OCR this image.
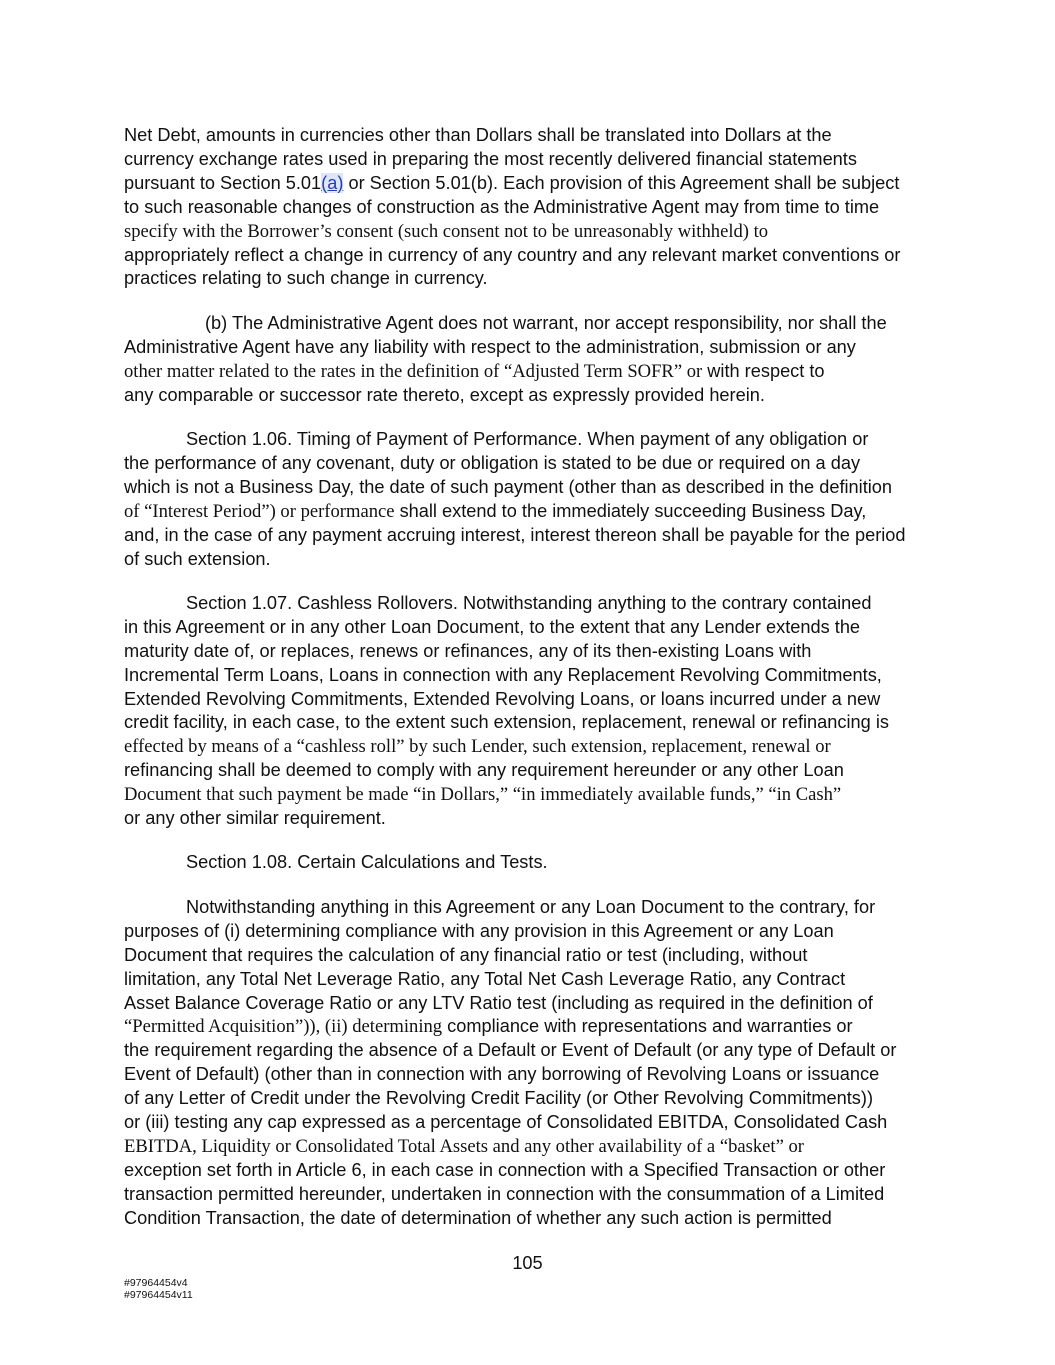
Net Debt, amounts in currencies other than Dollars shall be translated into Dollars at the
currency exchange rates used in preparing the most recently delivered financial statements
pursuant to Section 5.01(a) or Section 5.01(b). Each provision of this Agreement shall be subject
to such reasonable changes of construction as the Administrative Agent may from time to time
specify with the Borrower’s consent (such consent not to be unreasonably withheld) to
appropriately reflect a change in currency of any country and any relevant market conventions or
practices relating to such change in currency.
(b) The Administrative Agent does not warrant, nor accept responsibility, nor shall the
Administrative Agent have any liability with respect to the administration, submission or any
other matter related to the rates in the definition of “Adjusted Term SOFR” or with respect to
any comparable or successor rate thereto, except as expressly provided herein.
Section 1.06. Timing of Payment of Performance. When payment of any obligation or
the performance of any covenant, duty or obligation is stated to be due or required on a day
which is not a Business Day, the date of such payment (other than as described in the definition
of “Interest Period”) or performance shall extend to the immediately succeeding Business Day,
and, in the case of any payment accruing interest, interest thereon shall be payable for the period
of such extension.
Section 1.07. Cashless Rollovers. Notwithstanding anything to the contrary contained
in this Agreement or in any other Loan Document, to the extent that any Lender extends the
maturity date of, or replaces, renews or refinances, any of its then-existing Loans with
Incremental Term Loans, Loans in connection with any Replacement Revolving Commitments,
Extended Revolving Commitments, Extended Revolving Loans, or loans incurred under a new
credit facility, in each case, to the extent such extension, replacement, renewal or refinancing is
effected by means of a “cashless roll” by such Lender, such extension, replacement, renewal or
refinancing shall be deemed to comply with any requirement hereunder or any other Loan
Document that such payment be made “in Dollars,” “in immediately available funds,” “in Cash”
or any other similar requirement.
Section 1.08. Certain Calculations and Tests.
Notwithstanding anything in this Agreement or any Loan Document to the contrary, for
purposes of (i) determining compliance with any provision in this Agreement or any Loan
Document that requires the calculation of any financial ratio or test (including, without
limitation, any Total Net Leverage Ratio, any Total Net Cash Leverage Ratio, any Contract
Asset Balance Coverage Ratio or any LTV Ratio test (including as required in the definition of
“Permitted Acquisition”)), (ii) determining compliance with representations and warranties or
the requirement regarding the absence of a Default or Event of Default (or any type of Default or
Event of Default) (other than in connection with any borrowing of Revolving Loans or issuance
of any Letter of Credit under the Revolving Credit Facility (or Other Revolving Commitments))
or (iii) testing any cap expressed as a percentage of Consolidated EBITDA, Consolidated Cash
EBITDA, Liquidity or Consolidated Total Assets and any other availability of a “basket” or
exception set forth in Article 6, in each case in connection with a Specified Transaction or other
transaction permitted hereunder, undertaken in connection with the consummation of a Limited
Condition Transaction, the date of determination of whether any such action is permitted
105
#97964454v4
#97964454v11
